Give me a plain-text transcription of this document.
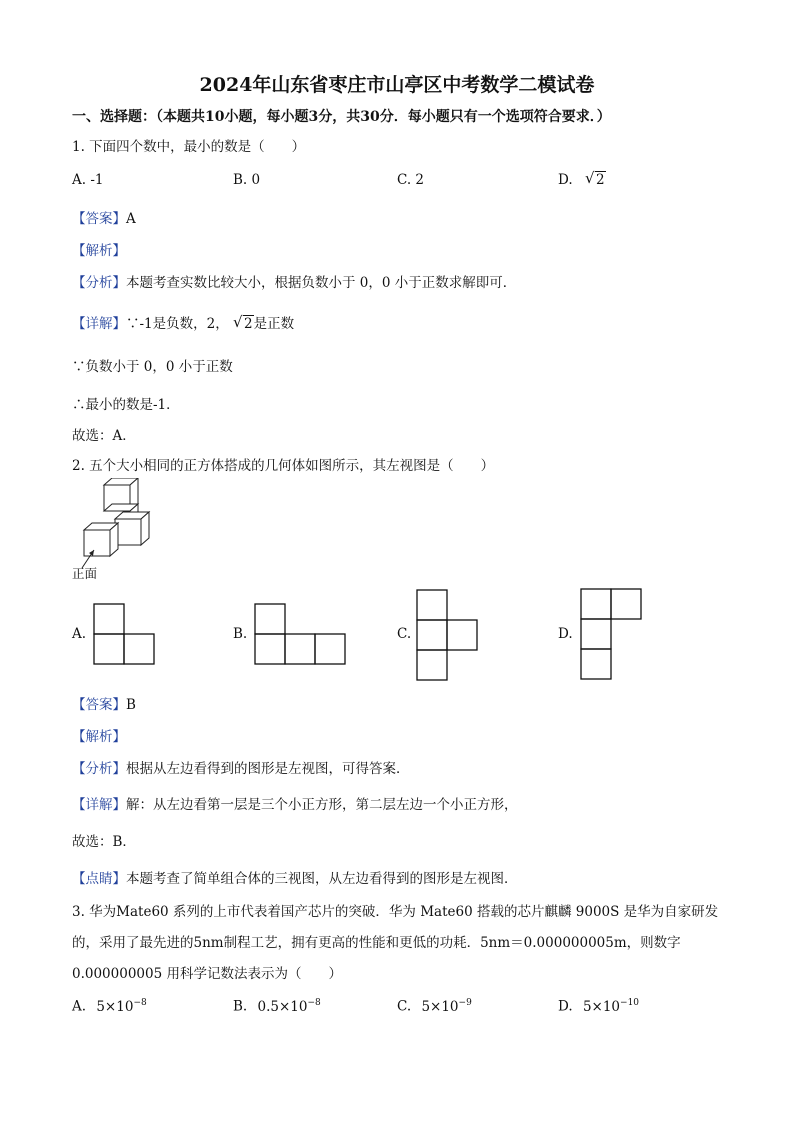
2024年山东省枣庄市山亭区中考数学二模试卷
一、选择题：（本题共10小题，每小题3分，共30分．每小题只有一个选项符合要求．）
1. 下面四个数中，最小的数是（　　）
A. -1	B. 0	C. 2	D. √ 2
【答案】A
【解析】
【分析】本题考查实数比较大小，根据负数小于 0，0 小于正数求解即可．
【详解】∵-1是负数，2， √ 2是正数
∵负数小于 0，0 小于正数
∴最小的数是-1．
故选：A．
2. 五个大小相同的正方体搭成的几何体如图所示，其左视图是（　　）
正面
A.	B.	C.	D.
【答案】B
【解析】
【分析】根据从左边看得到的图形是左视图，可得答案．
【详解】解：从左边看第一层是三个小正方形，第二层左边一个小正方形，
故选：B．
【点睛】本题考查了简单组合体的三视图，从左边看得到的图形是左视图．
3. 华为Mate60 系列的上市代表着国产芯片的突破．华为 Mate60 搭载的芯片麒麟 9000S 是华为自家研发
的，采用了最先进的5nm制程工艺，拥有更高的性能和更低的功耗．5nm＝0.000000005m，则数字
0.000000005 用科学记数法表示为（　　）
A. $5\times 10^{-8}$	B. $0.5\times 10^{-8}$	C. $5\times 10^{-9}$	D. $5\times 10^{-10}$
